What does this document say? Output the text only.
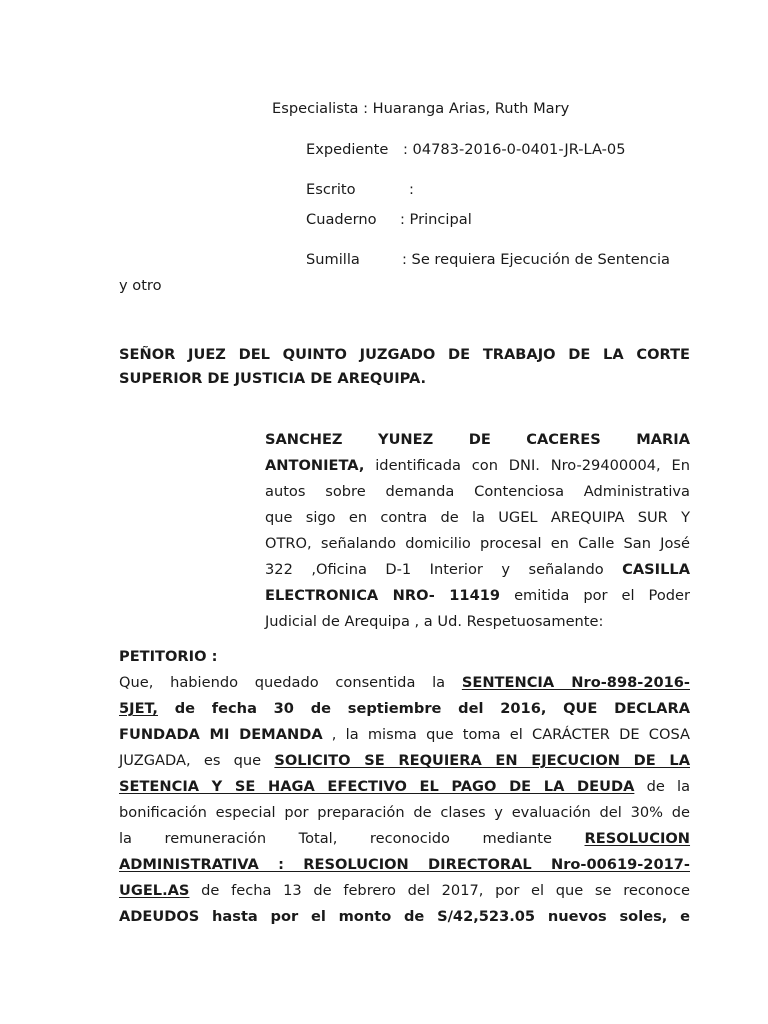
Especialista : Huaranga Arias, Ruth Mary
Expediente : 04783-2016-0-0401-JR-LA-05
Escrito	:
Cuaderno : Principal
Sumilla	: Se requiera Ejecución de Sentencia
y otro
SEÑOR JUEZ DEL QUINTO JUZGADO DE TRABAJO DE LA CORTE
SUPERIOR DE JUSTICIA DE AREQUIPA.
SANCHEZ YUNEZ DE CACERES MARIA
ANTONIETA, identificada con DNI. Nro-29400004, En
autos sobre demanda Contenciosa Administrativa
que sigo en contra de la UGEL AREQUIPA SUR Y
OTRO, señalando domicilio procesal en Calle San José
322 ,Oficina D-1 Interior y señalando CASILLA
ELECTRONICA NRO- 11419 emitida por el Poder
Judicial de Arequipa , a Ud. Respetuosamente:
PETITORIO :
Que, habiendo quedado consentida la SENTENCIA Nro-898-2016-
5JET, de fecha 30 de septiembre del 2016, QUE DECLARA
FUNDADA MI DEMANDA , la misma que toma el CARÁCTER DE COSA
JUZGADA, es que SOLICITO SE REQUIERA EN EJECUCION DE LA
SETENCIA Y SE HAGA EFECTIVO EL PAGO DE LA DEUDA de la
bonificación especial por preparación de clases y evaluación del 30% de
la remuneración Total, reconocido mediante RESOLUCION
ADMINISTRATIVA : RESOLUCION DIRECTORAL Nro-00619-2017-
UGEL.AS de fecha 13 de febrero del 2017, por el que se reconoce
ADEUDOS hasta por el monto de S/42,523.05 nuevos soles, e
